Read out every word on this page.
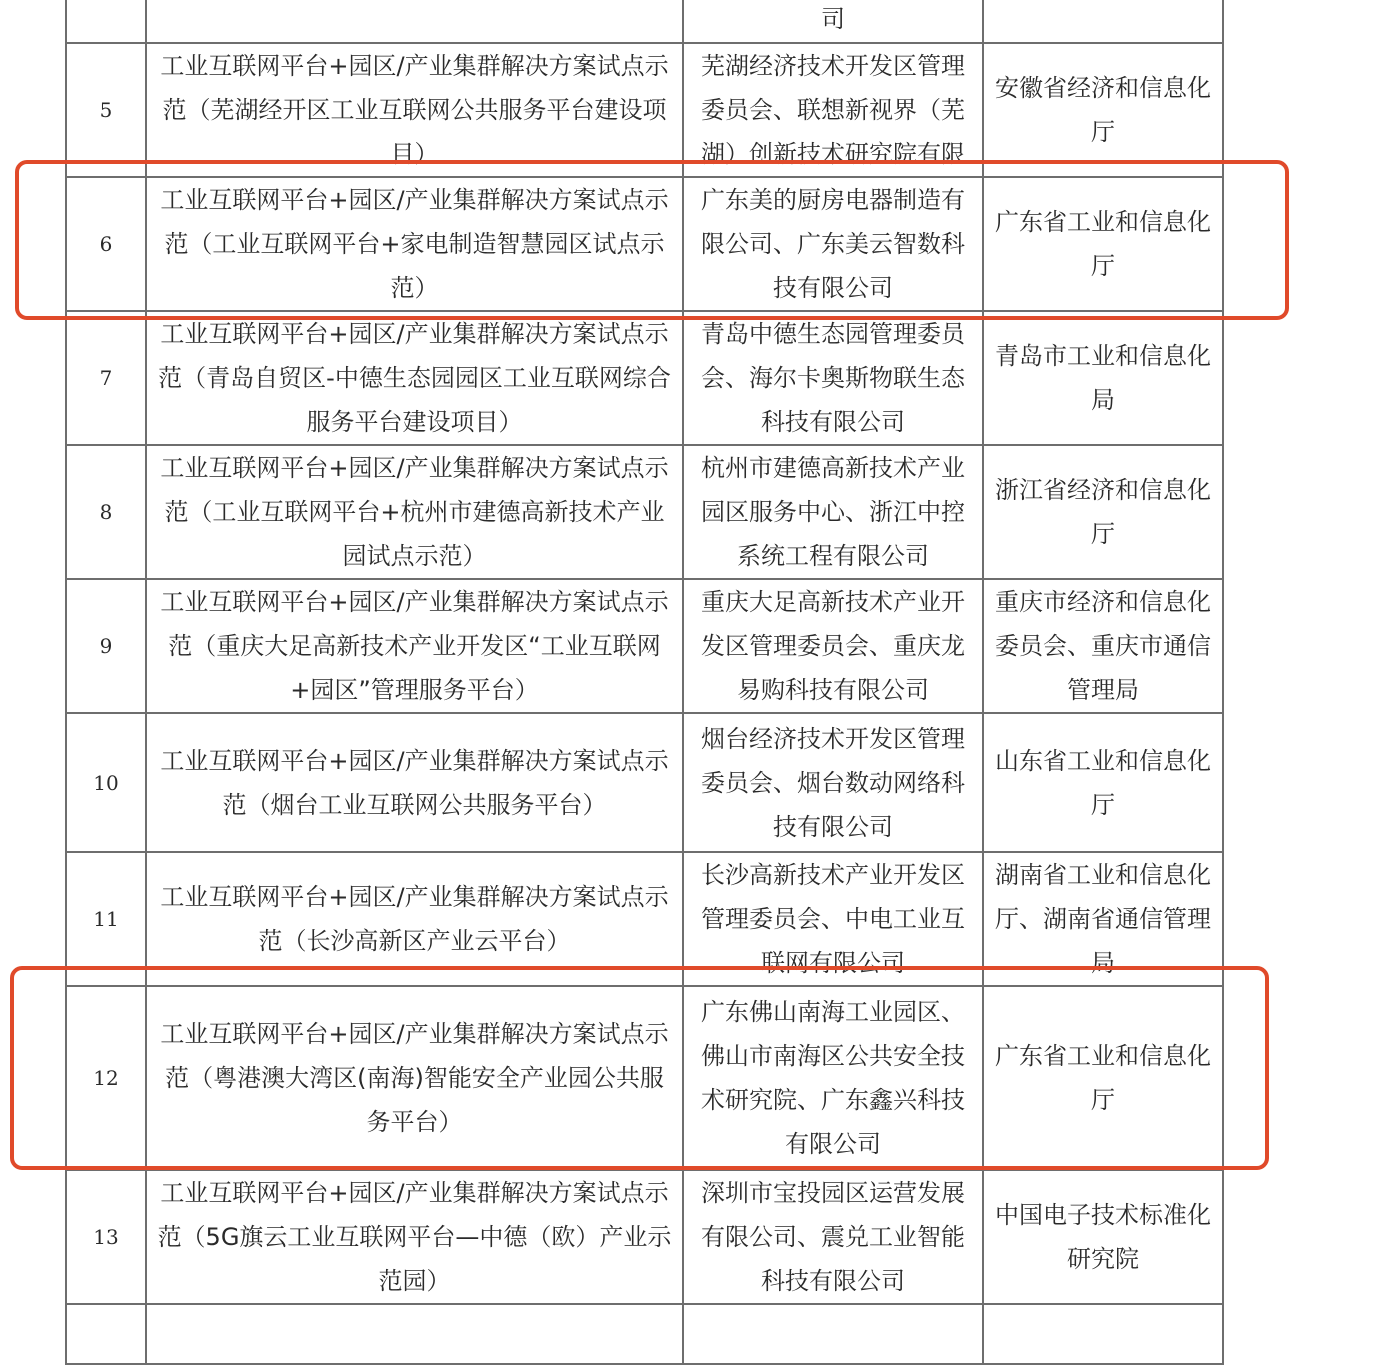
		司	

5	工业互联网平台+园区/产业集群解决方案试点示范（芜湖经开区工业互联网公共服务平台建设项目）	芜湖经济技术开发区管理委员会、联想新视界（芜湖）创新技术研究院有限	安徽省经济和信息化厅

6	工业互联网平台+园区/产业集群解决方案试点示范（工业互联网平台+家电制造智慧园区试点示范）	广东美的厨房电器制造有限公司、广东美云智数科技有限公司	广东省工业和信息化厅

7	工业互联网平台+园区/产业集群解决方案试点示范（青岛自贸区-中德生态园园区工业互联网综合服务平台建设项目）	青岛中德生态园管理委员会、海尔卡奥斯物联生态科技有限公司	青岛市工业和信息化局

8	工业互联网平台+园区/产业集群解决方案试点示范（工业互联网平台+杭州市建德高新技术产业园试点示范）	杭州市建德高新技术产业园区服务中心、浙江中控系统工程有限公司	浙江省经济和信息化厅

9	工业互联网平台+园区/产业集群解决方案试点示范（重庆大足高新技术产业开发区“工业互联网+园区”管理服务平台）	重庆大足高新技术产业开发区管理委员会、重庆龙易购科技有限公司	重庆市经济和信息化委员会、重庆市通信管理局

10	工业互联网平台+园区/产业集群解决方案试点示范（烟台工业互联网公共服务平台）	烟台经济技术开发区管理委员会、烟台数动网络科技有限公司	山东省工业和信息化厅

11	工业互联网平台+园区/产业集群解决方案试点示范（长沙高新区产业云平台）	长沙高新技术产业开发区管理委员会、中电工业互联网有限公司	湖南省工业和信息化厅、湖南省通信管理局

12	工业互联网平台+园区/产业集群解决方案试点示范（粤港澳大湾区(南海)智能安全产业园公共服务平台）	广东佛山南海工业园区、佛山市南海区公共安全技术研究院、广东鑫兴科技有限公司	广东省工业和信息化厅

13	工业互联网平台+园区/产业集群解决方案试点示范（5G旗云工业互联网平台—中德（欧）产业示范园）	深圳市宝投园区运营发展有限公司、震兑工业智能科技有限公司	中国电子技术标准化研究院
